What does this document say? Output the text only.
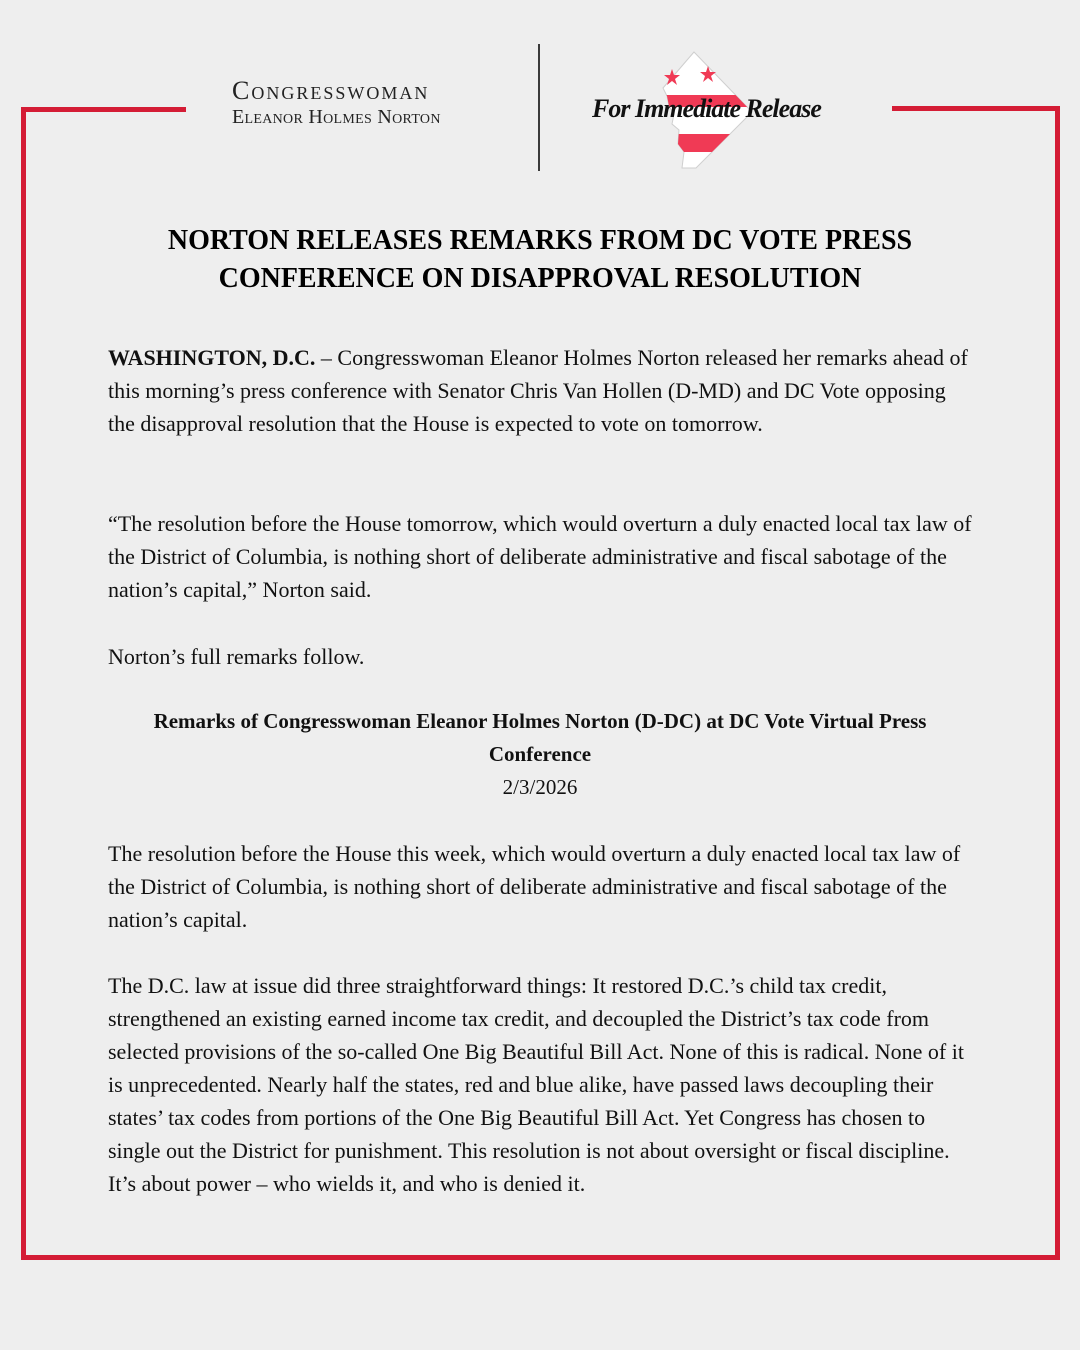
Congresswoman
Eleanor Holmes Norton	For Immediate Release
NORTON RELEASES REMARKS FROM DC VOTE PRESS
CONFERENCE ON DISAPPROVAL RESOLUTION

WASHINGTON, D.C. – Congresswoman Eleanor Holmes Norton released her remarks ahead of this morning’s press conference with Senator Chris Van Hollen (D-MD) and DC Vote opposing the disapproval resolution that the House is expected to vote on tomorrow.

“The resolution before the House tomorrow, which would overturn a duly enacted local tax law of the District of Columbia, is nothing short of deliberate administrative and fiscal sabotage of the nation’s capital,” Norton said.

Norton’s full remarks follow.

Remarks of Congresswoman Eleanor Holmes Norton (D-DC) at DC Vote Virtual Press Conference
2/3/2026

The resolution before the House this week, which would overturn a duly enacted local tax law of the District of Columbia, is nothing short of deliberate administrative and fiscal sabotage of the nation’s capital.

The D.C. law at issue did three straightforward things: It restored D.C.’s child tax credit, strengthened an existing earned income tax credit, and decoupled the District’s tax code from selected provisions of the so-called One Big Beautiful Bill Act. None of this is radical. None of it is unprecedented. Nearly half the states, red and blue alike, have passed laws decoupling their states’ tax codes from portions of the One Big Beautiful Bill Act. Yet Congress has chosen to single out the District for punishment. This resolution is not about oversight or fiscal discipline. It’s about power – who wields it, and who is denied it.
